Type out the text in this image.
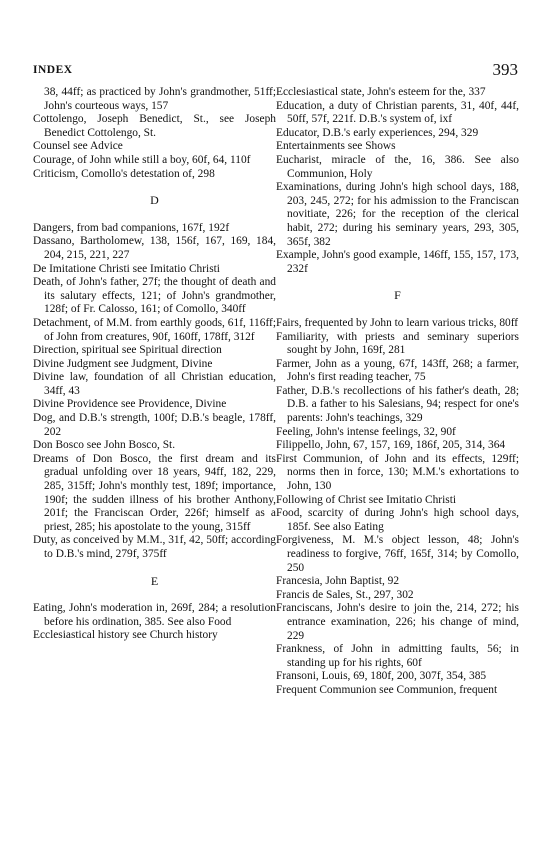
INDEX	393

38, 44ff; as practiced by John's grandmother, 51ff; John's courteous ways, 157

Cottolengo, Joseph Benedict, St., see Joseph Benedict Cottolengo, St.

Counsel see Advice

Courage, of John while still a boy, 60f, 64, 110f

Criticism, Comollo's detestation of, 298

D

Dangers, from bad companions, 167f, 192f

Dassano, Bartholomew, 138, 156f, 167, 169, 184, 204, 215, 221, 227

De Imitatione Christi see Imitatio Christi

Death, of John's father, 27f; the thought of death and its salutary effects, 121; of John's grandmother, 128f; of Fr. Calosso, 161; of Comollo, 340ff

Detachment, of M.M. from earthly goods, 61f, 116ff; of John from creatures, 90f, 160ff, 178ff, 312f

Direction, spiritual see Spiritual direction

Divine Judgment see Judgment, Divine

Divine law, foundation of all Christian education, 34ff, 43

Divine Providence see Providence, Divine

Dog, and D.B.'s strength, 100f; D.B.'s beagle, 178ff, 202

Don Bosco see John Bosco, St.

Dreams of Don Bosco, the first dream and its gradual unfolding over 18 years, 94ff, 182, 229, 285, 315ff; John's monthly test, 189f; importance, 190f; the sudden illness of his brother Anthony, 201f; the Franciscan Order, 226f; himself as a priest, 285; his apostolate to the young, 315ff

Duty, as conceived by M.M., 31f, 42, 50ff; according to D.B.'s mind, 279f, 375ff

E

Eating, John's moderation in, 269f, 284; a resolution before his ordination, 385. See also Food

Ecclesiastical history see Church history

Ecclesiastical state, John's esteem for the, 337

Education, a duty of Christian parents, 31, 40f, 44f, 50ff, 57f, 221f. D.B.'s system of, ixf

Educator, D.B.'s early experiences, 294, 329

Entertainments see Shows

Eucharist, miracle of the, 16, 386. See also Communion, Holy

Examinations, during John's high school days, 188, 203, 245, 272; for his admission to the Franciscan novitiate, 226; for the reception of the clerical habit, 272; during his seminary years, 293, 305, 365f, 382

Example, John's good example, 146ff, 155, 157, 173, 232f

F

Fairs, frequented by John to learn various tricks, 80ff

Familiarity, with priests and seminary superiors sought by John, 169f, 281

Farmer, John as a young, 67f, 143ff, 268; a farmer, John's first reading teacher, 75

Father, D.B.'s recollections of his father's death, 28; D.B. a father to his Salesians, 94; respect for one's parents: John's teachings, 329

Feeling, John's intense feelings, 32, 90f

Filippello, John, 67, 157, 169, 186f, 205, 314, 364

First Communion, of John and its effects, 129ff; norms then in force, 130; M.M.'s exhortations to John, 130

Following of Christ see Imitatio Christi

Food, scarcity of during John's high school days, 185f. See also Eating

Forgiveness, M. M.'s object lesson, 48; John's readiness to forgive, 76ff, 165f, 314; by Comollo, 250

Francesia, John Baptist, 92

Francis de Sales, St., 297, 302

Franciscans, John's desire to join the, 214, 272; his entrance examination, 226; his change of mind, 229

Frankness, of John in admitting faults, 56; in standing up for his rights, 60f

Fransoni, Louis, 69, 180f, 200, 307f, 354, 385

Frequent Communion see Communion, frequent
